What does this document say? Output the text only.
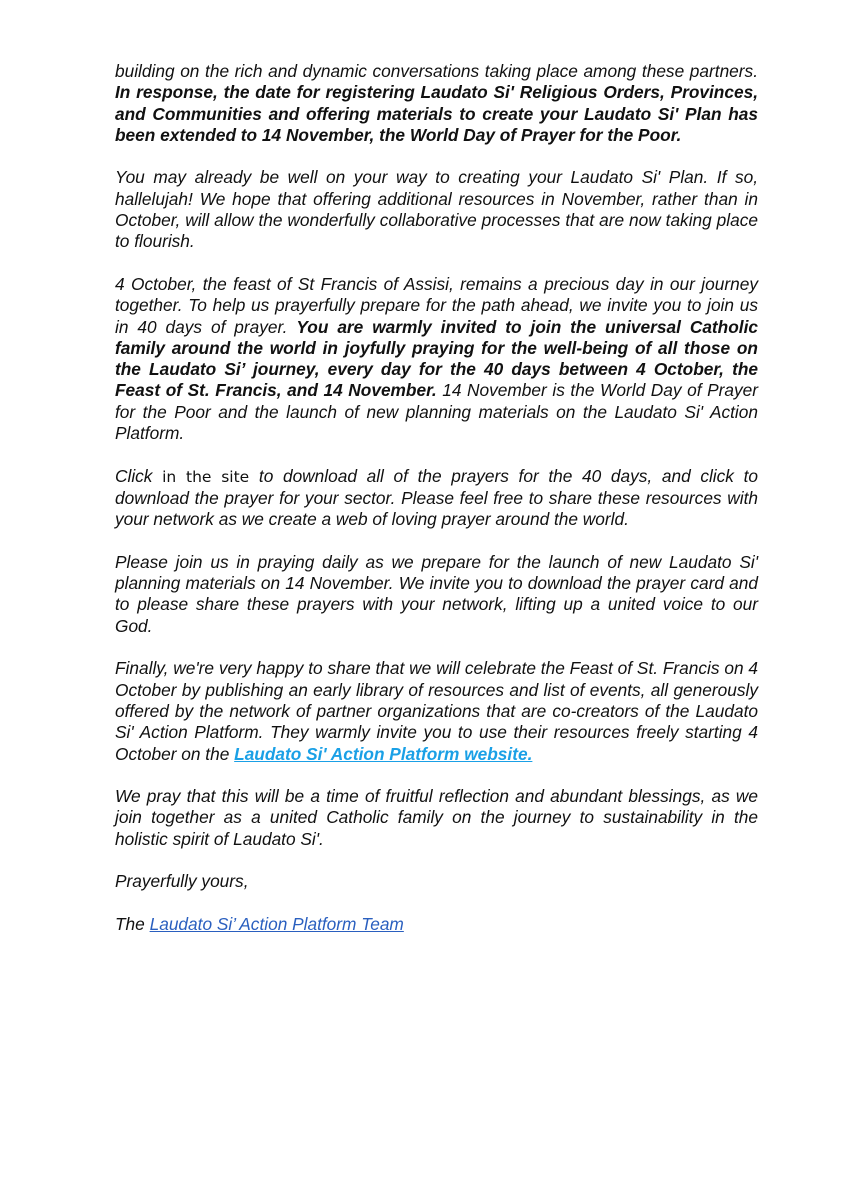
building on the rich and dynamic conversations taking place among these partners. In response, the date for registering Laudato Si' Religious Orders, Provinces, and Communities and offering materials to create your Laudato Si' Plan has been extended to 14 November, the World Day of Prayer for the Poor.

You may already be well on your way to creating your Laudato Si' Plan. If so, hallelujah! We hope that offering additional resources in November, rather than in October, will allow the wonderfully collaborative processes that are now taking place to flourish.

4 October, the feast of St Francis of Assisi, remains a precious day in our journey together. To help us prayerfully prepare for the path ahead, we invite you to join us in 40 days of prayer. You are warmly invited to join the universal Catholic family around the world in joyfully praying for the well-being of all those on the Laudato Si’ journey, every day for the 40 days between 4 October, the Feast of St. Francis, and 14 November. 14 November is the World Day of Prayer for the Poor and the launch of new planning materials on the Laudato Si' Action Platform.

Click in the site to download all of the prayers for the 40 days, and click to download the prayer for your sector. Please feel free to share these resources with your network as we create a web of loving prayer around the world.

Please join us in praying daily as we prepare for the launch of new Laudato Si' planning materials on 14 November. We invite you to download the prayer card and to please share these prayers with your network, lifting up a united voice to our God.

Finally, we're very happy to share that we will celebrate the Feast of St. Francis on 4 October by publishing an early library of resources and list of events, all generously offered by the network of partner organizations that are co-creators of the Laudato Si' Action Platform. They warmly invite you to use their resources freely starting 4 October on the Laudato Si' Action Platform website.

We pray that this will be a time of fruitful reflection and abundant blessings, as we join together as a united Catholic family on the journey to sustainability in the holistic spirit of Laudato Si'.

Prayerfully yours,

The Laudato Si’ Action Platform Team
